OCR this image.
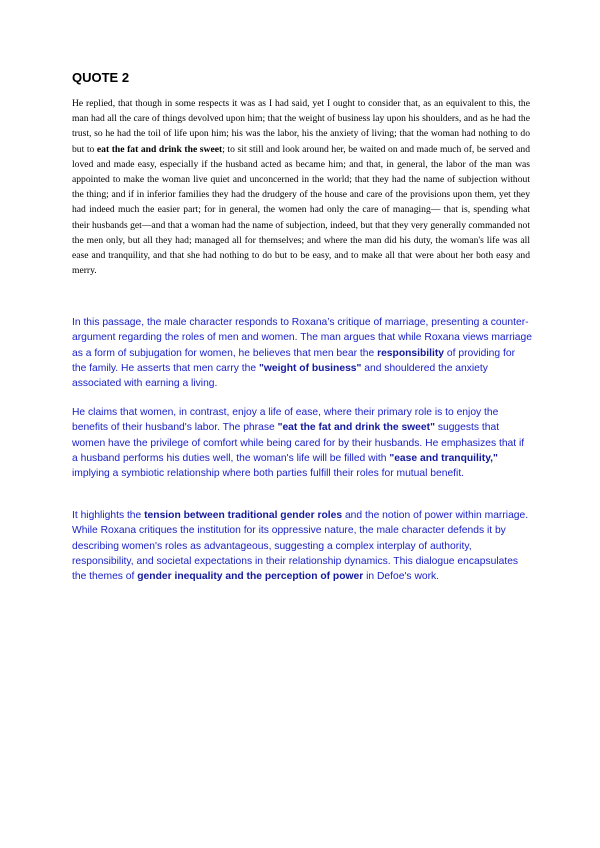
QUOTE 2

He replied, that though in some respects it was as I had said, yet I ought to consider that, as an equivalent to this, the man had all the care of things devolved upon him; that the weight of business lay upon his shoulders, and as he had the trust, so he had the toil of life upon him; his was the labor, his the anxiety of living; that the woman had nothing to do but to eat the fat and drink the sweet; to sit still and look around her, be waited on and made much of, be served and loved and made easy, especially if the husband acted as became him; and that, in general, the labor of the man was appointed to make the woman live quiet and unconcerned in the world; that they had the name of subjection without the thing; and if in inferior families they had the drudgery of the house and care of the provisions upon them, yet they had indeed much the easier part; for in general, the women had only the care of managing— that is, spending what their husbands get—and that a woman had the name of subjection, indeed, but that they very generally commanded not the men only, but all they had; managed all for themselves; and where the man did his duty, the woman's life was all ease and tranquility, and that she had nothing to do but to be easy, and to make all that were about her both easy and merry.

In this passage, the male character responds to Roxana’s critique of marriage, presenting a counter-argument regarding the roles of men and women. The man argues that while Roxana views marriage as a form of subjugation for women, he believes that men bear the responsibility of providing for the family. He asserts that men carry the "weight of business" and shouldered the anxiety associated with earning a living.

He claims that women, in contrast, enjoy a life of ease, where their primary role is to enjoy the benefits of their husband's labor. The phrase "eat the fat and drink the sweet" suggests that women have the privilege of comfort while being cared for by their husbands. He emphasizes that if a husband performs his duties well, the woman's life will be filled with "ease and tranquility," implying a symbiotic relationship where both parties fulfill their roles for mutual benefit.

It highlights the tension between traditional gender roles and the notion of power within marriage. While Roxana critiques the institution for its oppressive nature, the male character defends it by describing women's roles as advantageous, suggesting a complex interplay of authority, responsibility, and societal expectations in their relationship dynamics. This dialogue encapsulates the themes of gender inequality and the perception of power in Defoe's work.
